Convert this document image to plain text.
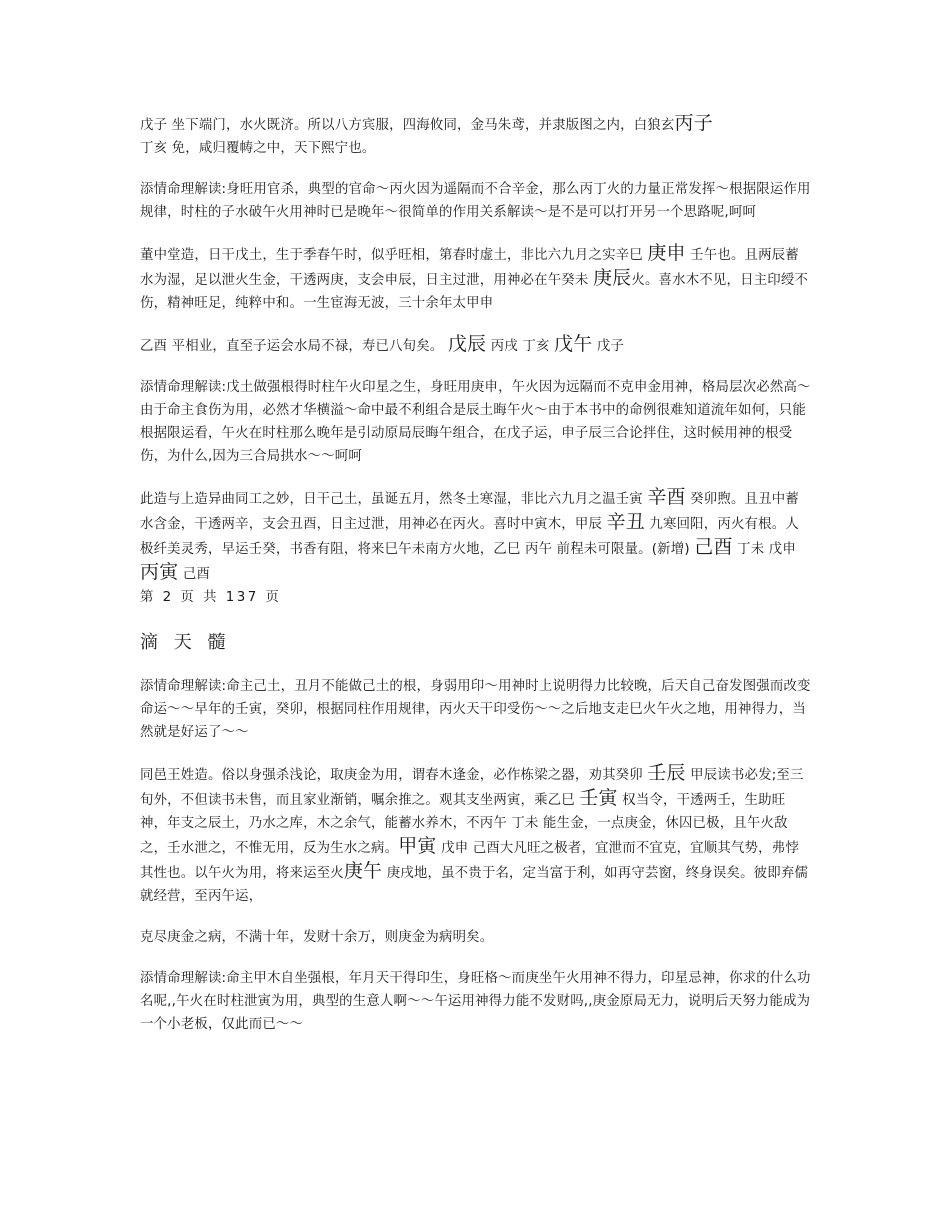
戊子 坐下端门，水火既济。所以八方宾服，四海攸同，金马朱鸢，并隶版图之内，白狼玄丙子
丁亥 免，咸归覆帱之中，天下熙宁也。

添情命理解读:身旺用官杀，典型的官命～丙火因为遥隔而不合辛金，那么丙丁火的力量正常发挥～根据限运作用规律，时柱的子水破午火用神时已是晚年～很简单的作用关系解读～是不是可以打开另一个思路呢,呵呵

董中堂造，日干戊土，生于季春午时，似乎旺相，第春时虚土，非比六九月之实辛巳 庚申 壬午也。且两辰蓄水为湿，足以泄火生金，干透两庚，支会申辰，日主过泄，用神必在午癸未 庚辰火。喜水木不见，日主印绶不伤，精神旺足，纯粹中和。一生宦海无波，三十余年太甲申

乙酉 平相业，直至子运会水局不禄，寿已八旬矣。 戊辰 丙戌 丁亥 戊午 戊子

添情命理解读:戊土做强根得时柱午火印星之生，身旺用庚申，午火因为远隔而不克申金用神，格局层次必然高～由于命主食伤为用，必然才华横溢～命中最不利组合是辰土晦午火～由于本书中的命例很难知道流年如何，只能根据限运看，午火在时柱那么晚年是引动原局辰晦午组合，在戊子运，申子辰三合论拌住，这时候用神的根受伤，为什么,因为三合局拱水～～呵呵

此造与上造异曲同工之妙，日干己土，虽诞五月，然冬土寒湿，非比六九月之温壬寅 辛酉 癸卯煦。且丑中蓄水含金，干透两辛，支会丑酉，日主过泄，用神必在丙火。喜时中寅木，甲辰 辛丑 九寒回阳，丙火有根。人极纤美灵秀，早运壬癸，书香有阻，将来巳午未南方火地，乙巳 丙午 前程未可限量。(新增) 己酉 丁未 戊申 丙寅 己酉

第 2 页 共 137 页

滴 天 髓

添情命理解读:命主己土，丑月不能做己土的根，身弱用印～用神时上说明得力比较晚，后天自己奋发图强而改变命运～～早年的壬寅，癸卯，根据同柱作用规律，丙火天干印受伤～～之后地支走巳火午火之地，用神得力，当然就是好运了～～

同邑王姓造。俗以身强杀浅论，取庚金为用，谓春木逢金，必作栋梁之器，劝其癸卯 壬辰 甲辰读书必发;至三旬外，不但读书未售，而且家业渐销，嘱余推之。观其支坐两寅，乘乙巳 壬寅 权当令，干透两壬，生助旺神，年支之辰土，乃水之库，木之余气，能蓄水养木，不丙午 丁未 能生金，一点庚金，休囚已极，且午火敌之，壬水泄之，不惟无用，反为生水之病。甲寅 戊申 己酉大凡旺之极者，宜泄而不宜克，宜顺其气势，弗悖其性也。以午火为用，将来运至火庚午 庚戌地，虽不贵于名，定当富于利，如再守芸窗，终身误矣。彼即弃儒就经营，至丙午运，

克尽庚金之病，不满十年，发财十余万，则庚金为病明矣。

添情命理解读:命主甲木自坐强根，年月天干得印生，身旺格～而庚坐午火用神不得力，印星忌神，你求的什么功名呢,,午火在时柱泄寅为用，典型的生意人啊～～午运用神得力能不发财吗,,庚金原局无力，说明后天努力能成为一个小老板，仅此而已～～
